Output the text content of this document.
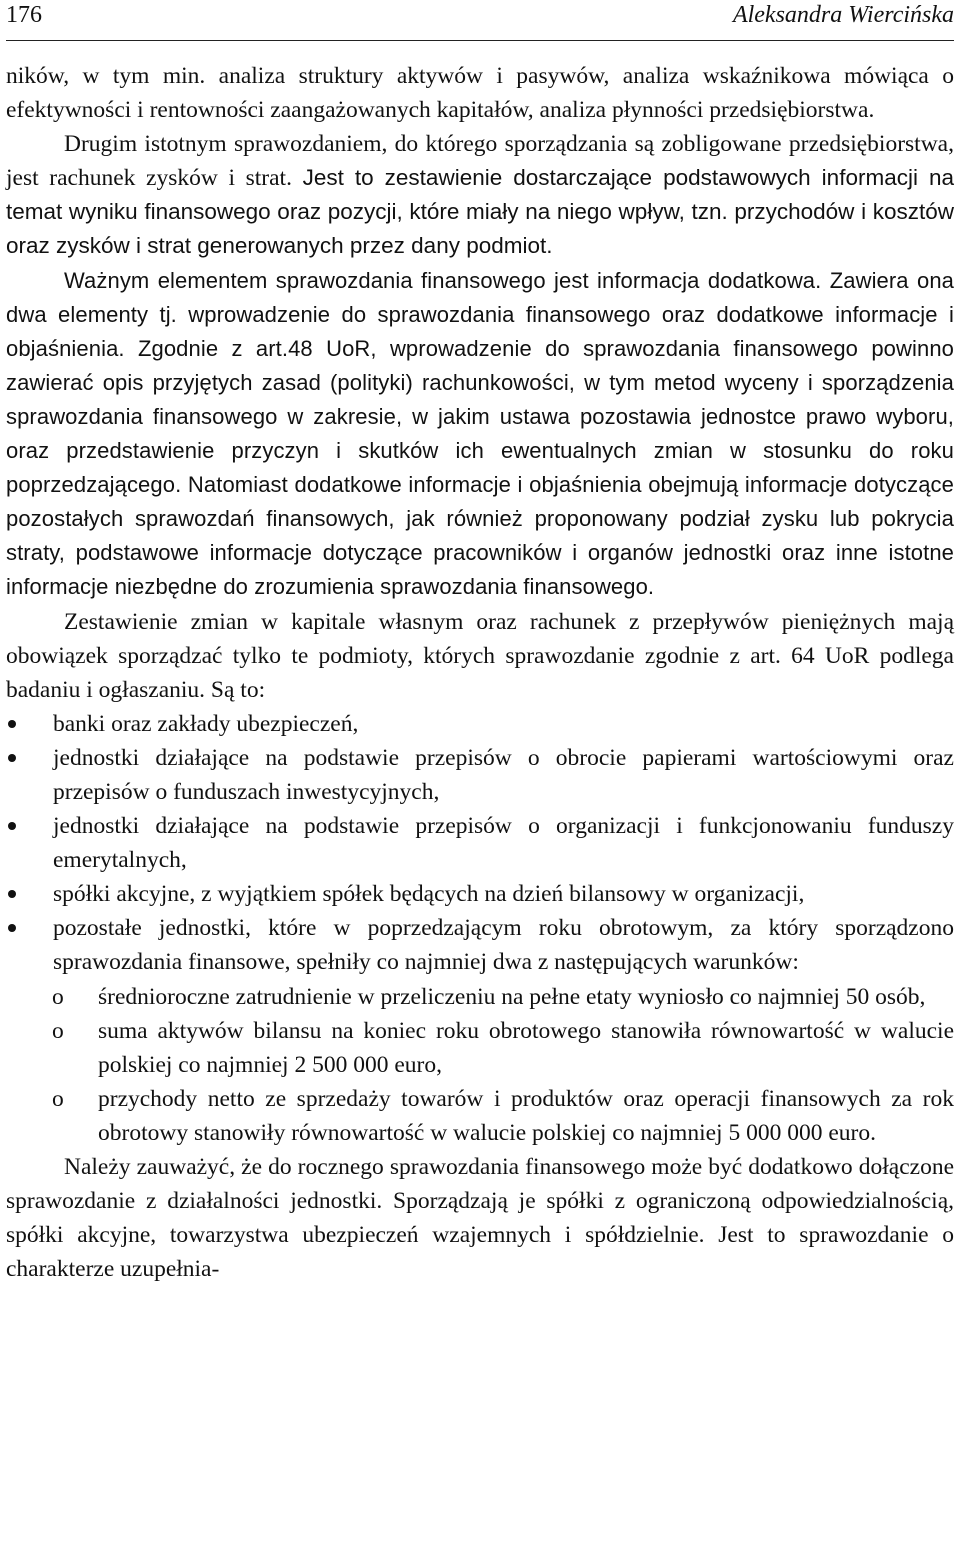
176	Aleksandra Wiercińska

ników, w tym min. analiza struktury aktywów i pasywów, analiza wskaźnikowa mówiąca o efektywności i rentowności zaangażowanych kapitałów, analiza płynności przedsiębiorstwa.

Drugim istotnym sprawozdaniem, do którego sporządzania są zobligowane przedsiębiorstwa, jest rachunek zysków i strat. Jest to zestawienie dostarczające podstawowych informacji na temat wyniku finansowego oraz pozycji, które miały na niego wpływ, tzn. przychodów i kosztów oraz zysków i strat generowanych przez dany podmiot.

Ważnym elementem sprawozdania finansowego jest informacja dodatkowa. Zawiera ona dwa elementy tj. wprowadzenie do sprawozdania finansowego oraz dodatkowe informacje i objaśnienia. Zgodnie z art.48 UoR, wprowadzenie do sprawozdania finansowego powinno zawierać opis przyjętych zasad (polityki) rachunkowości, w tym metod wyceny i sporządzenia sprawozdania finansowego w zakresie, w jakim ustawa pozostawia jednostce prawo wyboru, oraz przedstawienie przyczyn i skutków ich ewentualnych zmian w stosunku do roku poprzedzającego. Natomiast dodatkowe informacje i objaśnienia obejmują informacje dotyczące pozostałych sprawozdań finansowych, jak również proponowany podział zysku lub pokrycia straty, podstawowe informacje dotyczące pracowników i organów jednostki oraz inne istotne informacje niezbędne do zrozumienia sprawozdania finansowego.

Zestawienie zmian w kapitale własnym oraz rachunek z przepływów pieniężnych mają obowiązek sporządzać tylko te podmioty, których sprawozdanie zgodnie z art. 64 UoR podlega badaniu i ogłaszaniu. Są to:

banki oraz zakłady ubezpieczeń,
jednostki działające na podstawie przepisów o obrocie papierami wartościowymi oraz przepisów o funduszach inwestycyjnych,
jednostki działające na podstawie przepisów o organizacji i funkcjonowaniu funduszy emerytalnych,
spółki akcyjne, z wyjątkiem spółek będących na dzień bilansowy w organizacji,
pozostałe jednostki, które w poprzedzającym roku obrotowym, za który sporządzono sprawozdania finansowe, spełniły co najmniej dwa z następujących warunków:
o średnioroczne zatrudnienie w przeliczeniu na pełne etaty wyniosło co najmniej 50 osób,
o suma aktywów bilansu na koniec roku obrotowego stanowiła równowartość w walucie polskiej co najmniej 2 500 000 euro,
o przychody netto ze sprzedaży towarów i produktów oraz operacji finansowych za rok obrotowy stanowiły równowartość w walucie polskiej co najmniej 5 000 000 euro.

Należy zauważyć, że do rocznego sprawozdania finansowego może być dodatkowo dołączone sprawozdanie z działalności jednostki. Sporządzają je spółki z ograniczoną odpowiedzialnością, spółki akcyjne, towarzystwa ubezpieczeń wzajemnych i spółdzielnie. Jest to sprawozdanie o charakterze uzupełnia-
